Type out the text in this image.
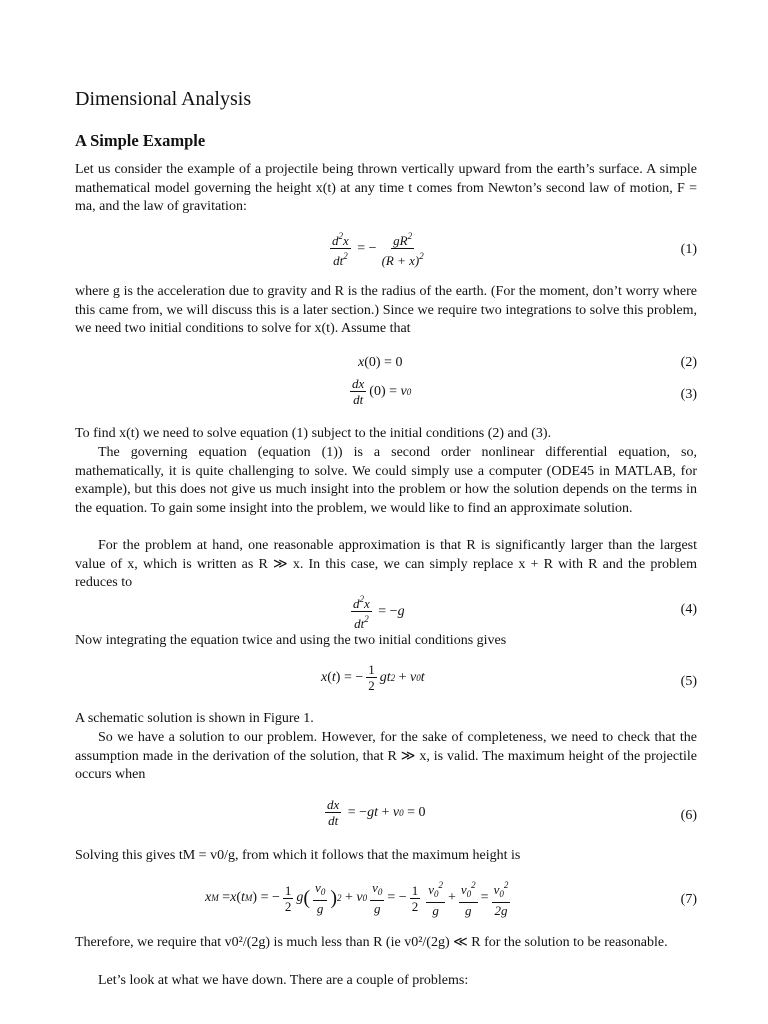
Dimensional Analysis
A Simple Example
Let us consider the example of a projectile being thrown vertically upward from the earth’s surface. A simple mathematical model governing the height x(t) at any time t comes from Newton’s second law of motion, F = ma, and the law of gravitation:
$\frac{d^2x}{dt^2}$ = − $\frac{gR^2}{(R + x)^2}$	(1)
where g is the acceleration due to gravity and R is the radius of the earth. (For the moment, don’t worry where this came from, we will discuss this is a later section.) Since we require two integrations to solve this problem, we need two initial conditions to solve for x(t). Assume that
x (0) = 0	(2)
$\frac{dx}{dt} (0) = v$ 0	(3)
To find x(t) we need to solve equation (1) subject to the initial conditions (2) and (3).
The governing equation (equation (1)) is a second order nonlinear differential equation, so, mathematically, it is quite challenging to solve. We could simply use a computer (ODE45 in MATLAB, for example), but this does not give us much insight into the problem or how the solution depends on the terms in the equation. To gain some insight into the problem, we would like to find an approximate solution.
For the problem at hand, one reasonable approximation is that R is significantly larger than the largest value of x, which is written as R ≫ x. In this case, we can simply replace x + R with R and the problem reduces to
$\frac{d^2x}{dt^2}$ = − g	(4)
Now integrating the equation twice and using the two initial conditions gives
x ( t ) = − $\frac{1}{2}$ gt 2 + v 0 t	(5)
A schematic solution is shown in Figure 1.
So we have a solution to our problem. However, for the sake of completeness, we need to check that the assumption made in the derivation of the solution, that R ≫ x, is valid. The maximum height of the projectile occurs when
$\frac{dx}{dt}$ = − gt + v 0 = 0	(6)
Solving this gives tM = v0/g, from which it follows that the maximum height is
x M = x ( t M ) = − $\frac{1}{2}$ g ( $\frac{v_0}{g}$ ) 2 + v $0 \frac{v_0}{g}$ = − $\frac{1}{2} \frac{v_0^2}{g} + \frac{v_0^2}{g} = \frac{v_0^2}{2g}$	(7)
Therefore, we require that v0²/(2g) is much less than R (ie v0²/(2g) ≪ R for the solution to be reasonable.
Let’s look at what we have down. There are a couple of problems:
